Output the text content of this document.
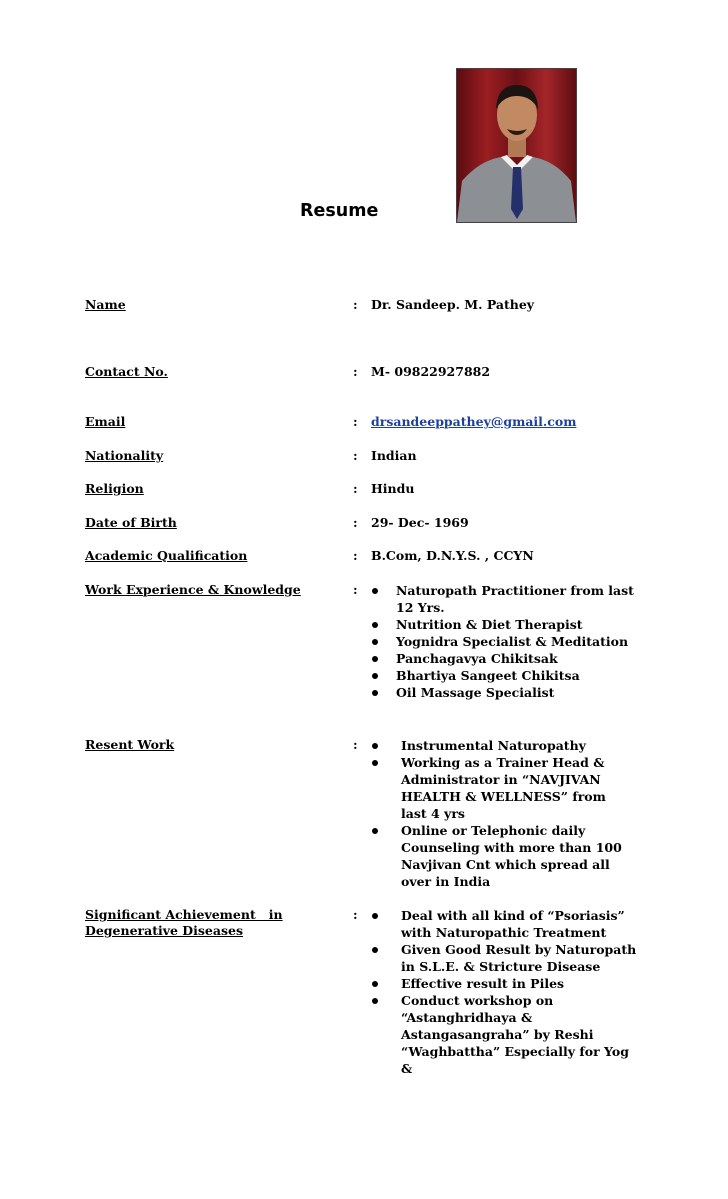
Resume
Name	: Dr. Sandeep. M. Pathey
Contact No.	: M- 09822927882
Email	: drsandeeppathey@gmail.com
Nationality	: Indian
Religion	: Hindu
Date of Birth	: 29- Dec- 1969
Academic Qualification	: B.Com, D.N.Y.S. , CCYN
Work Experience & Knowledge	:	Naturopath Practitioner from last 12 Yrs.
Nutrition & Diet Therapist
Yognidra Specialist & Meditation
Panchagavya Chikitsak
Bhartiya Sangeet Chikitsa
Oil Massage Specialist
Resent Work	:	Instrumental Naturopathy
Working as a Trainer Head & Administrator in “NAVJIVAN HEALTH & WELLNESS” from last 4 yrs
Online or Telephonic daily Counseling with more than 100 Navjivan Cnt which spread all over in India
Significant Achievement   in
Degenerative Diseases
:	Deal with all kind of “Psoriasis” with Naturopathic Treatment
Given Good Result by Naturopath in S.L.E. & Stricture Disease
Effective result in Piles
Conduct workshop on “Astanghridhaya & Astangasangraha” by Reshi “Waghbattha” Especially for Yog &
